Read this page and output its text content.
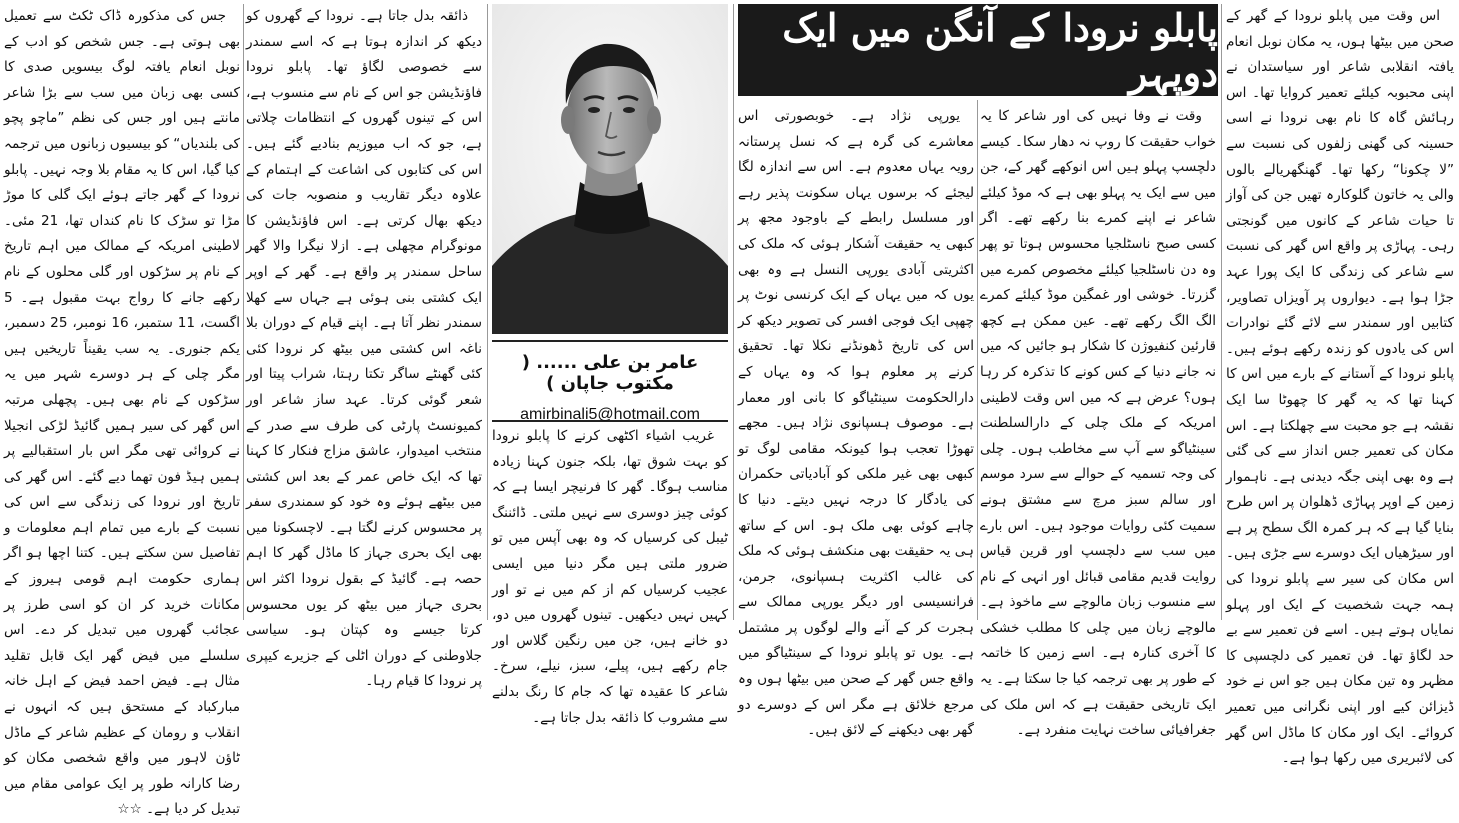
اس وقت میں پابلو نرودا کے گھر کے صحن میں بیٹھا ہوں، یہ مکان نوبل انعام یافتہ انقلابی شاعر اور سیاستدان نے اپنی محبوبہ کیلئے تعمیر کروایا تھا۔ اس رہائش گاہ کا نام بھی نرودا نے اسی حسینہ کی گھنی زلفوں کی نسبت سے ”لا چکونا“ رکھا تھا۔ گھنگھریالے بالوں والی یہ خاتون گلوکارہ تھیں جن کی آواز تا حیات شاعر کے کانوں میں گونجتی رہی۔ پہاڑی پر واقع اس گھر کی نسبت سے شاعر کی زندگی کا ایک پورا عہد جڑا ہوا ہے۔ دیواروں پر آویزاں تصاویر، کتابیں اور سمندر سے لائے گئے نوادرات اس کی یادوں کو زندہ رکھے ہوئے ہیں۔ پابلو نرودا کے آستانے کے بارے میں اس کا کہنا تھا کہ یہ گھر کا چھوٹا سا ایک نقشہ ہے جو محبت سے چھلکتا ہے۔ اس مکان کی تعمیر جس انداز سے کی گئی ہے وہ بھی اپنی جگہ دیدنی ہے۔ ناہموار زمین کے اوپر پہاڑی ڈھلوان پر اس طرح بنایا گیا ہے کہ ہر کمرہ الگ سطح پر ہے اور سیڑھیاں ایک دوسرے سے جڑی ہیں۔ اس مکان کی سیر سے پابلو نرودا کی ہمہ جہت شخصیت کے ایک اور پہلو نمایاں ہوتے ہیں۔ اسے فن تعمیر سے بے حد لگاؤ تھا۔ فن تعمیر کی دلچسپی کا مظہر وہ تین مکان ہیں جو اس نے خود ڈیزائن کیے اور اپنی نگرانی میں تعمیر کروائے۔ ایک اور مکان کا ماڈل اس گھر کی لائبریری میں رکھا ہوا ہے۔

پابلو نرودا کے آنگن میں ایک دوپہر

وقت نے وفا نہیں کی اور شاعر کا یہ خواب حقیقت کا روپ نہ دھار سکا۔ کیسے دلچسپ پہلو ہیں اس انوکھے گھر کے، جن میں سے ایک یہ پہلو بھی ہے کہ موڈ کیلئے شاعر نے اپنے کمرے بنا رکھے تھے۔ اگر کسی صبح ناسٹلجیا محسوس ہوتا تو پھر وہ دن ناسٹلجیا کیلئے مخصوص کمرے میں گزرتا۔ خوشی اور غمگین موڈ کیلئے کمرے الگ الگ رکھے تھے۔ عین ممکن ہے کچھ قارئین کنفیوژن کا شکار ہو جائیں کہ میں نہ جانے دنیا کے کس کونے کا تذکرہ کر رہا ہوں؟ عرض ہے کہ میں اس وقت لاطینی امریکہ کے ملک چلی کے دارالسلطنت سینٹیاگو سے آپ سے مخاطب ہوں۔ چلی کی وجہ تسمیہ کے حوالے سے سرد موسم اور سالم سبز مرچ سے مشتق ہونے سمیت کئی روایات موجود ہیں۔ اس بارے میں سب سے دلچسپ اور قرین قیاس روایت قدیم مقامی قبائل اور انہی کے نام سے منسوب زبان مالوچے سے ماخوذ ہے۔ مالوچے زبان میں چلی کا مطلب خشکی کا آخری کنارہ ہے۔ اسے زمین کا خاتمہ کے طور پر بھی ترجمہ کیا جا سکتا ہے۔ یہ ایک تاریخی حقیقت ہے کہ اس ملک کی جغرافیائی ساخت نہایت منفرد ہے۔

یورپی نژاد ہے۔ خوبصورتی اس معاشرے کی گرہ ہے کہ نسل پرستانہ رویہ یہاں معدوم ہے۔ اس سے اندازہ لگا لیجئے کہ برسوں یہاں سکونت پذیر رہے اور مسلسل رابطے کے باوجود مجھ پر کبھی یہ حقیقت آشکار ہوئی کہ ملک کی اکثریتی آبادی یورپی النسل ہے وہ بھی یوں کہ میں یہاں کے ایک کرنسی نوٹ پر چھپی ایک فوجی افسر کی تصویر دیکھ کر اس کی تاریخ ڈھونڈنے نکلا تھا۔ تحقیق کرنے پر معلوم ہوا کہ وہ یہاں کے دارالحکومت سینٹیاگو کا بانی اور معمار ہے۔ موصوف ہسپانوی نژاد ہیں۔ مجھے تھوڑا تعجب ہوا کیونکہ مقامی لوگ تو کبھی بھی غیر ملکی کو آبادیاتی حکمران کی یادگار کا درجہ نہیں دیتے۔ دنیا کا چاہے کوئی بھی ملک ہو۔ اس کے ساتھ ہی یہ حقیقت بھی منکشف ہوئی کہ ملک کی غالب اکثریت ہسپانوی، جرمن، فرانسیسی اور دیگر یورپی ممالک سے ہجرت کر کے آنے والے لوگوں پر مشتمل ہے۔ یوں تو پابلو نرودا کے سینٹیاگو میں واقع جس گھر کے صحن میں بیٹھا ہوں وہ مرجع خلائق ہے مگر اس کے دوسرے دو گھر بھی دیکھنے کے لائق ہیں۔

عامر بن علی ...... ( مکتوب جاپان )
amirbinali5@hotmail.com

غریب اشیاء اکٹھی کرنے کا پابلو نرودا کو بہت شوق تھا، بلکہ جنون کہنا زیادہ مناسب ہوگا۔ گھر کا فرنیچر ایسا ہے کہ کوئی چیز دوسری سے نہیں ملتی۔ ڈائننگ ٹیبل کی کرسیاں کہ وہ بھی آپس میں تو ضرور ملتی ہیں مگر دنیا میں ایسی عجیب کرسیاں کم از کم میں نے تو اور کہیں نہیں دیکھیں۔ تینوں گھروں میں دو، دو خانے ہیں، جن میں رنگین گلاس اور جام رکھے ہیں، پیلے، سبز، نیلے، سرخ۔ شاعر کا عقیدہ تھا کہ جام کا رنگ بدلنے سے مشروب کا ذائقہ بدل جاتا ہے۔

ذائقہ بدل جاتا ہے۔ نرودا کے گھروں کو دیکھ کر اندازہ ہوتا ہے کہ اسے سمندر سے خصوصی لگاؤ تھا۔ پابلو نرودا فاؤنڈیشن جو اس کے نام سے منسوب ہے، اس کے تینوں گھروں کے انتظامات چلاتی ہے، جو کہ اب میوزیم بنادیے گئے ہیں۔ اس کی کتابوں کی اشاعت کے اہتمام کے علاوہ دیگر تقاریب و منصوبہ جات کی دیکھ بھال کرتی ہے۔ اس فاؤنڈیشن کا مونوگرام مچھلی ہے۔ ازلا نیگرا والا گھر ساحل سمندر پر واقع ہے۔ گھر کے اوپر ایک کشتی بنی ہوئی ہے جہاں سے کھلا سمندر نظر آتا ہے۔ اپنے قیام کے دوران بلا ناغہ اس کشتی میں بیٹھ کر نرودا کئی کئی گھنٹے ساگر تکتا رہتا، شراب پیتا اور شعر گوئی کرتا۔ عہد ساز شاعر اور کمیونسٹ پارٹی کی طرف سے صدر کے منتخب امیدوار، عاشق مزاج فنکار کا کہنا تھا کہ ایک خاص عمر کے بعد اس کشتی میں بیٹھے ہوئے وہ خود کو سمندری سفر پر محسوس کرنے لگتا ہے۔ لاچسکونا میں بھی ایک بحری جہاز کا ماڈل گھر کا اہم حصہ ہے۔ گائیڈ کے بقول نرودا اکثر اس بحری جہاز میں بیٹھ کر یوں محسوس کرتا جیسے وہ کپتان ہو۔ سیاسی جلاوطنی کے دوران اٹلی کے جزیرے کیپری پر نرودا کا قیام رہا۔

جس کی مذکورہ ڈاک ٹکٹ سے تعمیل بھی ہوتی ہے۔ جس شخص کو ادب کے نوبل انعام یافتہ لوگ بیسویں صدی کا کسی بھی زبان میں سب سے بڑا شاعر مانتے ہیں اور جس کی نظم ”ماچو پچو کی بلندیاں“ کو بیسیوں زبانوں میں ترجمہ کیا گیا، اس کا یہ مقام بلا وجہ نہیں۔ پابلو نرودا کے گھر جاتے ہوئے ایک گلی کا موڑ مڑا تو سڑک کا نام کنداں تھا، 21 مئی۔ لاطینی امریکہ کے ممالک میں اہم تاریخ کے نام پر سڑکوں اور گلی محلوں کے نام رکھے جانے کا رواج بہت مقبول ہے۔ 5 اگست، 11 ستمبر، 16 نومبر، 25 دسمبر، یکم جنوری۔ یہ سب یقیناً تاریخیں ہیں مگر چلی کے ہر دوسرے شہر میں یہ سڑکوں کے نام بھی ہیں۔ پچھلی مرتبہ اس گھر کی سیر ہمیں گائیڈ لڑکی انجیلا نے کروائی تھی مگر اس بار استقبالیے پر ہمیں ہیڈ فون تھما دیے گئے۔ اس گھر کی تاریخ اور نرودا کی زندگی سے اس کی نسبت کے بارے میں تمام اہم معلومات و تفاصیل سن سکتے ہیں۔ کتنا اچھا ہو اگر ہماری حکومت اہم قومی ہیروز کے مکانات خرید کر ان کو اسی طرز پر عجائب گھروں میں تبدیل کر دے۔ اس سلسلے میں فیض گھر ایک قابل تقلید مثال ہے۔ فیض احمد فیض کے اہل خانہ مبارکباد کے مستحق ہیں کہ انہوں نے انقلاب و رومان کے عظیم شاعر کے ماڈل ٹاؤن لاہور میں واقع شخصی مکان کو رضا کارانہ طور پر ایک عوامی مقام میں تبدیل کر دیا ہے۔ ☆☆
